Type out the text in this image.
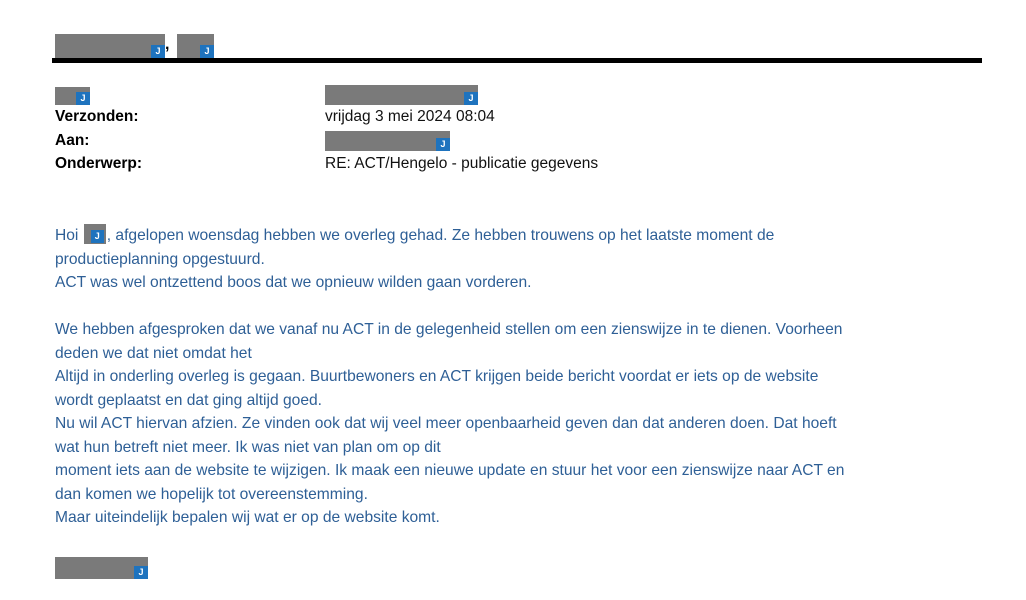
J ,	J
J	J
Verzonden:	vrijdag 3 mei 2024 08:04
Aan:	J
Onderwerp:	RE: ACT/Hengelo - publicatie gegevens
Hoi	J , afgelopen woensdag hebben we overleg gehad. Ze hebben trouwens op het laatste moment de
productieplanning opgestuurd.
ACT was wel ontzettend boos dat we opnieuw wilden gaan vorderen.

We hebben afgesproken dat we vanaf nu ACT in de gelegenheid stellen om een zienswijze in te dienen. Voorheen
deden we dat niet omdat het
Altijd in onderling overleg is gegaan. Buurtbewoners en ACT krijgen beide bericht voordat er iets op de website
wordt geplaatst en dat ging altijd goed.
Nu wil ACT hiervan afzien. Ze vinden ook dat wij veel meer openbaarheid geven dan dat anderen doen. Dat hoeft
wat hun betreft niet meer. Ik was niet van plan om op dit
moment iets aan de website te wijzigen. Ik maak een nieuwe update en stuur het voor een zienswijze naar ACT en
dan komen we hopelijk tot overeenstemming.
Maar uiteindelijk bepalen wij wat er op de website komt.
J
